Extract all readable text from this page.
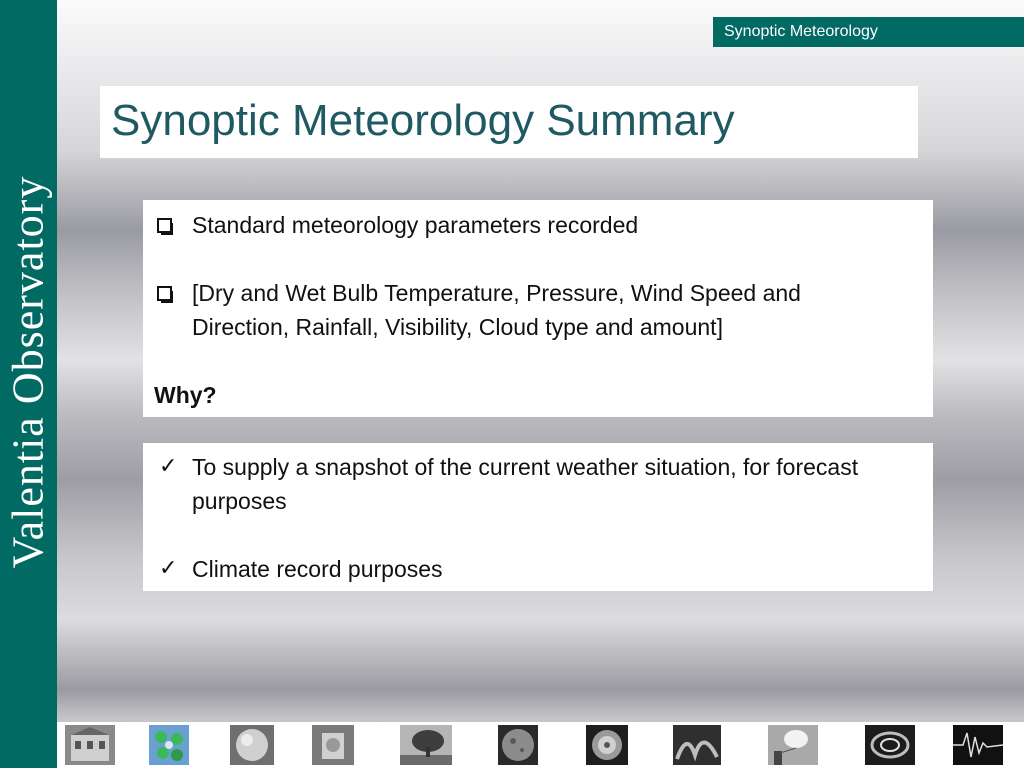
Valentia Observatory
Synoptic Meteorology
Synoptic Meteorology Summary
Standard meteorology parameters recorded
[Dry and Wet Bulb Temperature, Pressure, Wind Speed and Direction, Rainfall, Visibility, Cloud type and amount]
Why?
✓ To supply a snapshot of the current weather situation, for forecast purposes
✓ Climate record purposes
